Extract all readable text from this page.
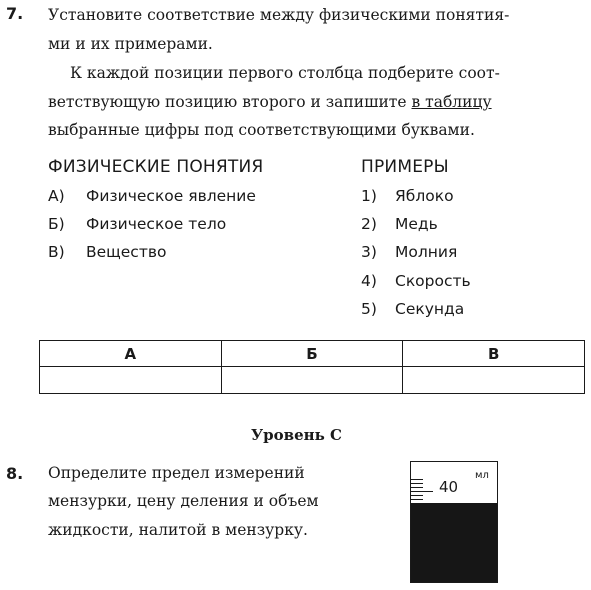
7. Установите соответствие между физическими понятия-
ми и их примерами.
К каждой позиции первого столбца подберите соот-
ветствующую позицию второго и запишите в таблицу
выбранные цифры под соответствующими буквами.
ФИЗИЧЕСКИЕ ПОНЯТИЯ
А) Физическое явление
Б) Физическое тело
В) Вещество
ПРИМЕРЫ
1) Яблоко
2) Медь
3) Молния
4) Скорость
5) Секунда
А	Б	В

Уровень С
8. Определите предел измерений
мензурки, цену деления и объем
жидкости, налитой в мензурку.
40
мл
